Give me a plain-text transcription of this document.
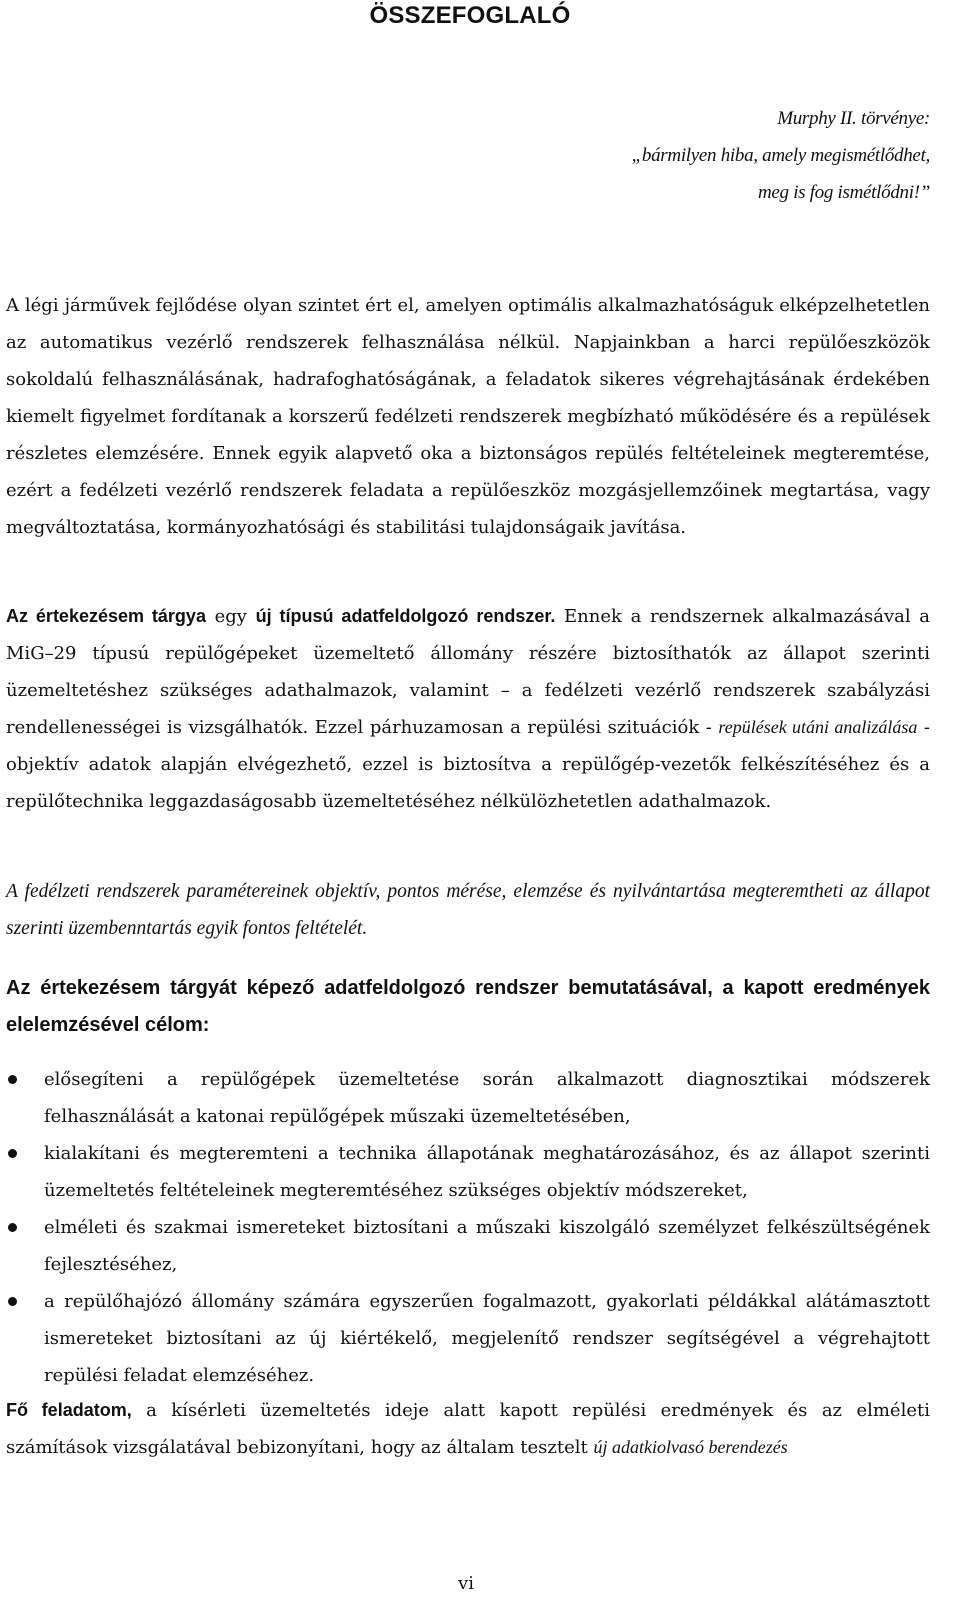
ÖSSZEFOGLALÓ
Murphy II. törvénye:
„bármilyen hiba, amely megismétlődhet,
meg is fog ismétlődni!”

A légi járművek fejlődése olyan szintet ért el, amelyen optimális alkalmazhatóságuk elképzelhetetlen az automatikus vezérlő rendszerek felhasználása nélkül. Napjainkban a harci repülőeszközök sokoldalú felhasználásának, hadrafoghatóságának, a feladatok sikeres végrehajtásának érdekében kiemelt figyelmet fordítanak a korszerű fedélzeti rendszerek megbízható működésére és a repülések részletes elemzésére. Ennek egyik alapvető oka a biztonságos repülés feltételeinek megteremtése, ezért a fedélzeti vezérlő rendszerek feladata a repülőeszköz mozgásjellemzőinek megtartása, vagy megváltoztatása, kormányozhatósági és stabilitási tulajdonságaik javítása.

Az értekezésem tárgya egy új típusú adatfeldolgozó rendszer. Ennek a rendszernek alkalmazásával a MiG–29 típusú repülőgépeket üzemeltető állomány részére biztosíthatók az állapot szerinti üzemeltetéshez szükséges adathalmazok, valamint – a fedélzeti vezérlő rendszerek szabályzási rendellenességei is vizsgálhatók. Ezzel párhuzamosan a repülési szituációk - repülések utáni analizálása - objektív adatok alapján elvégezhető, ezzel is biztosítva a repülőgép-vezetők felkészítéséhez és a repülőtechnika leggazdaságosabb üzemeltetéséhez nélkülözhetetlen adathalmazok.

A fedélzeti rendszerek paramétereinek objektív, pontos mérése, elemzése és nyilvántartása megteremtheti az állapot szerinti üzembenntartás egyik fontos feltételét.

Az értekezésem tárgyát képező adatfeldolgozó rendszer bemutatásával, a kapott eredmények elelemzésével célom:

elősegíteni a repülőgépek üzemeltetése során alkalmazott diagnosztikai módszerek felhasználását a katonai repülőgépek műszaki üzemeltetésében,
kialakítani és megteremteni a technika állapotának meghatározásához, és az állapot szerinti üzemeltetés feltételeinek megteremtéséhez szükséges objektív módszereket,
elméleti és szakmai ismereteket biztosítani a műszaki kiszolgáló személyzet felkészültségének fejlesztéséhez,
a repülőhajózó állomány számára egyszerűen fogalmazott, gyakorlati példákkal alátámasztott ismereteket biztosítani az új kiértékelő, megjelenítő rendszer segítségével a végrehajtott repülési feladat elemzéséhez.

Fő feladatom, a kísérleti üzemeltetés ideje alatt kapott repülési eredmények és az elméleti számítások vizsgálatával bebizonyítani, hogy az általam tesztelt új adatkiolvasó berendezés

vi
